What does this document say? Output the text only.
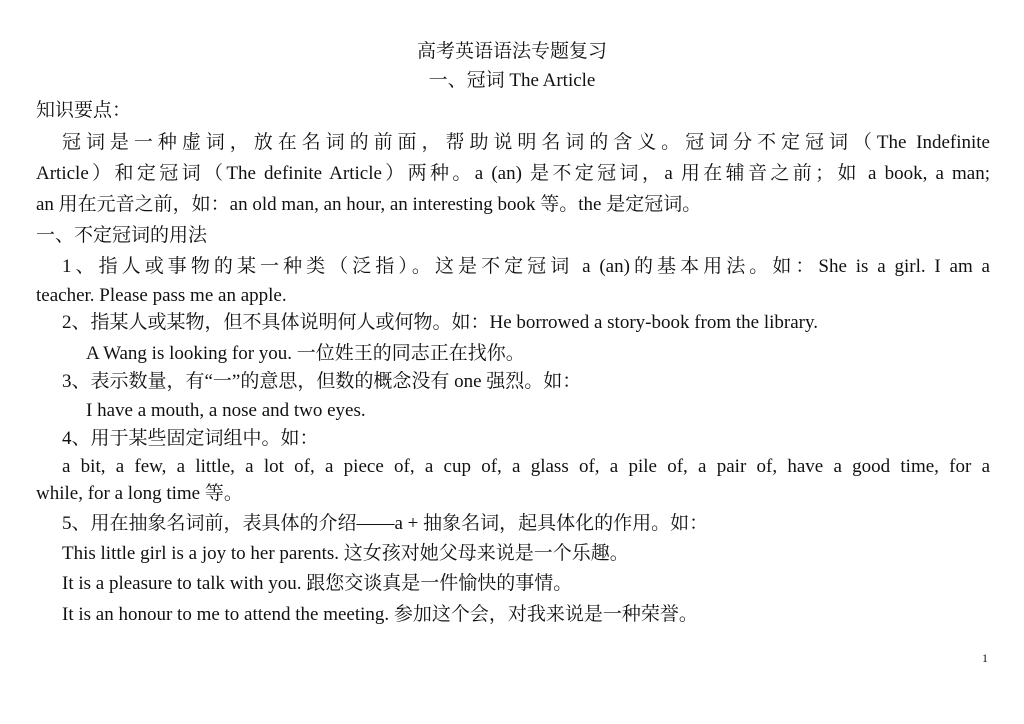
高考英语语法专题复习
一、冠词 The Article
知识要点：
冠词是一种虚词，放在名词的前面，帮助说明名词的含义。冠词分不定冠词（The Indefinite
Article）和定冠词（The definite Article）两种。a (an) 是不定冠词，a 用在辅音之前；如 a book, a man;
an 用在元音之前，如：an old man, an hour, an interesting book 等。the 是定冠词。
一、不定冠词的用法
1、指人或事物的某一种类（泛指）。这是不定冠词 a (an)的基本用法。如：She is a girl. I am a
teacher. Please pass me an apple.
2、指某人或某物，但不具体说明何人或何物。如：He borrowed a story-book from the library.
A Wang is looking for you. 一位姓王的同志正在找你。
3、表示数量，有“一”的意思，但数的概念没有 one 强烈。如：
I have a mouth, a nose and two eyes.
4、用于某些固定词组中。如：
a bit, a few, a little, a lot of, a piece of, a cup of, a glass of, a pile of, a pair of, have a good time, for a
while, for a long time 等。
5、用在抽象名词前，表具体的介绍——a + 抽象名词，起具体化的作用。如：
This little girl is a joy to her parents. 这女孩对她父母来说是一个乐趣。
It is a pleasure to talk with you. 跟您交谈真是一件愉快的事情。
It is an honour to me to attend the meeting. 参加这个会，对我来说是一种荣誉。
1
